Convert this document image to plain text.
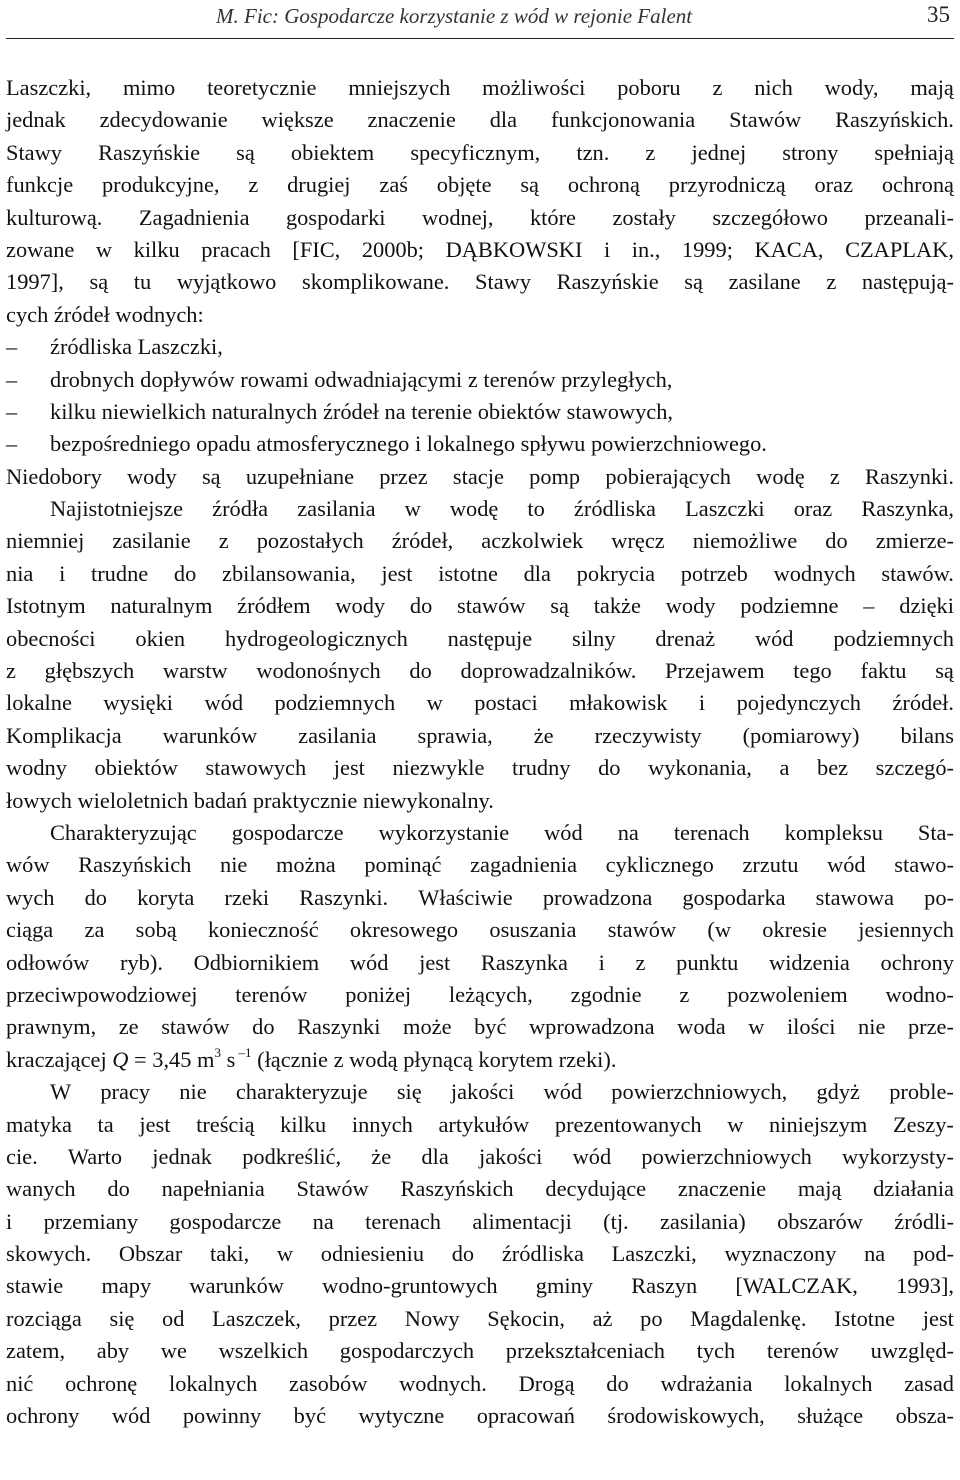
M. Fic: Gospodarcze korzystanie z wód w rejonie Falent	35
Laszczki, mimo teoretycznie mniejszych możliwości poboru z nich wody, mają
jednak zdecydowanie większe znaczenie dla funkcjonowania Stawów Raszyńskich.
Stawy Raszyńskie są obiektem specyficznym, tzn. z jednej strony spełniają
funkcje produkcyjne, z drugiej zaś objęte są ochroną przyrodniczą oraz ochroną
kulturową. Zagadnienia gospodarki wodnej, które zostały szczegółowo przeanali-
zowane w kilku pracach [FIC, 2000b; DĄBKOWSKI i in., 1999; KACA, CZAPLAK,
1997], są tu wyjątkowo skomplikowane. Stawy Raszyńskie są zasilane z następują-
cych źródeł wodnych:
–	źródliska Laszczki,
–	drobnych dopływów rowami odwadniającymi z terenów przyległych,
–	kilku niewielkich naturalnych źródeł na terenie obiektów stawowych,
–	bezpośredniego opadu atmosferycznego i lokalnego spływu powierzchniowego.
Niedobory wody są uzupełniane przez stacje pomp pobierających wodę z Raszynki.
Najistotniejsze źródła zasilania w wodę to źródliska Laszczki oraz Raszynka,
niemniej zasilanie z pozostałych źródeł, aczkolwiek wręcz niemożliwe do zmierze-
nia i trudne do zbilansowania, jest istotne dla pokrycia potrzeb wodnych stawów.
Istotnym naturalnym źródłem wody do stawów są także wody podziemne – dzięki
obecności okien hydrogeologicznych następuje silny drenaż wód podziemnych
z głębszych warstw wodonośnych do doprowadzalników. Przejawem tego faktu są
lokalne wysięki wód podziemnych w postaci młakowisk i pojedynczych źródeł.
Komplikacja warunków zasilania sprawia, że rzeczywisty (pomiarowy) bilans
wodny obiektów stawowych jest niezwykle trudny do wykonania, a bez szczegó-
łowych wieloletnich badań praktycznie niewykonalny.
Charakteryzując gospodarcze wykorzystanie wód na terenach kompleksu Sta-
wów Raszyńskich nie można pominąć zagadnienia cyklicznego zrzutu wód stawo-
wych do koryta rzeki Raszynki. Właściwie prowadzona gospodarka stawowa po-
ciąga za sobą konieczność okresowego osuszania stawów (w okresie jesiennych
odłowów ryb). Odbiornikiem wód jest Raszynka i z punktu widzenia ochrony
przeciwpowodziowej terenów poniżej leżących, zgodnie z pozwoleniem wodno-
prawnym, ze stawów do Raszynki może być wprowadzona woda w ilości nie prze-
kraczającej Q = 3,45 $m^3$ s $^{-1}$ (łącznie z wodą płynącą korytem rzeki).
W pracy nie charakteryzuje się jakości wód powierzchniowych, gdyż proble-
matyka ta jest treścią kilku innych artykułów prezentowanych w niniejszym Zeszy-
cie. Warto jednak podkreślić, że dla jakości wód powierzchniowych wykorzysty-
wanych do napełniania Stawów Raszyńskich decydujące znaczenie mają działania
i przemiany gospodarcze na terenach alimentacji (tj. zasilania) obszarów źródli-
skowych. Obszar taki, w odniesieniu do źródliska Laszczki, wyznaczony na pod-
stawie mapy warunków wodno-gruntowych gminy Raszyn [WALCZAK, 1993],
rozciąga się od Laszczek, przez Nowy Sękocin, aż po Magdalenkę. Istotne jest
zatem, aby we wszelkich gospodarczych przekształceniach tych terenów uwzględ-
nić ochronę lokalnych zasobów wodnych. Drogą do wdrażania lokalnych zasad
ochrony wód powinny być wytyczne opracowań środowiskowych, służące obsza-
